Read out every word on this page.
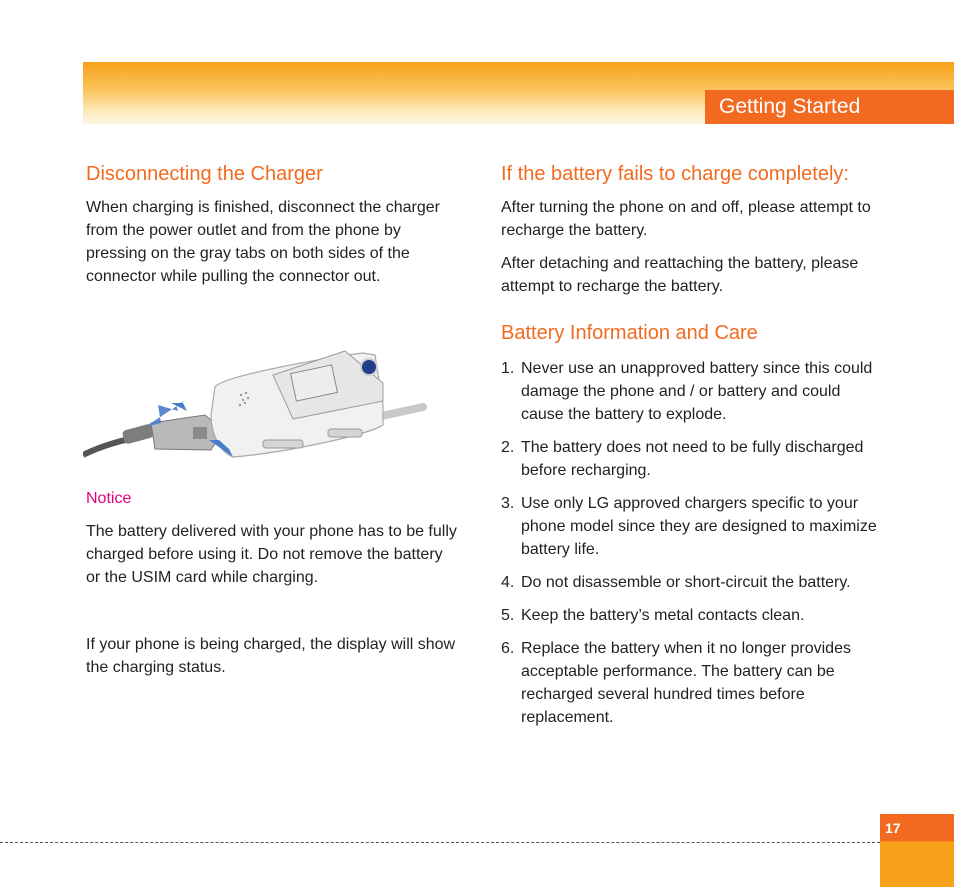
Getting Started
Disconnecting the Charger

When charging is finished, disconnect the charger from the power outlet and from the phone by pressing on the gray tabs on both sides of the connector while pulling the connector out.

Notice

The battery delivered with your phone has to be fully charged before using it. Do not remove the battery or the USIM card while charging.

If your phone is being charged, the display will show the charging status.

If the battery fails to charge completely:

After turning the phone on and off, please attempt to recharge the battery.

After detaching and reattaching the battery, please attempt to recharge the battery.

Battery Information and Care
1. Never use an unapproved battery since this could damage the phone and / or battery and could cause the battery to explode.
2. The battery does not need to be fully discharged before recharging.
3. Use only LG approved chargers specific to your phone model since they are designed to maximize battery life.
4. Do not disassemble or short-circuit the battery.
5. Keep the battery’s metal contacts clean.
6. Replace the battery when it no longer provides acceptable performance. The battery can be recharged several hundred times before replacement.
17
